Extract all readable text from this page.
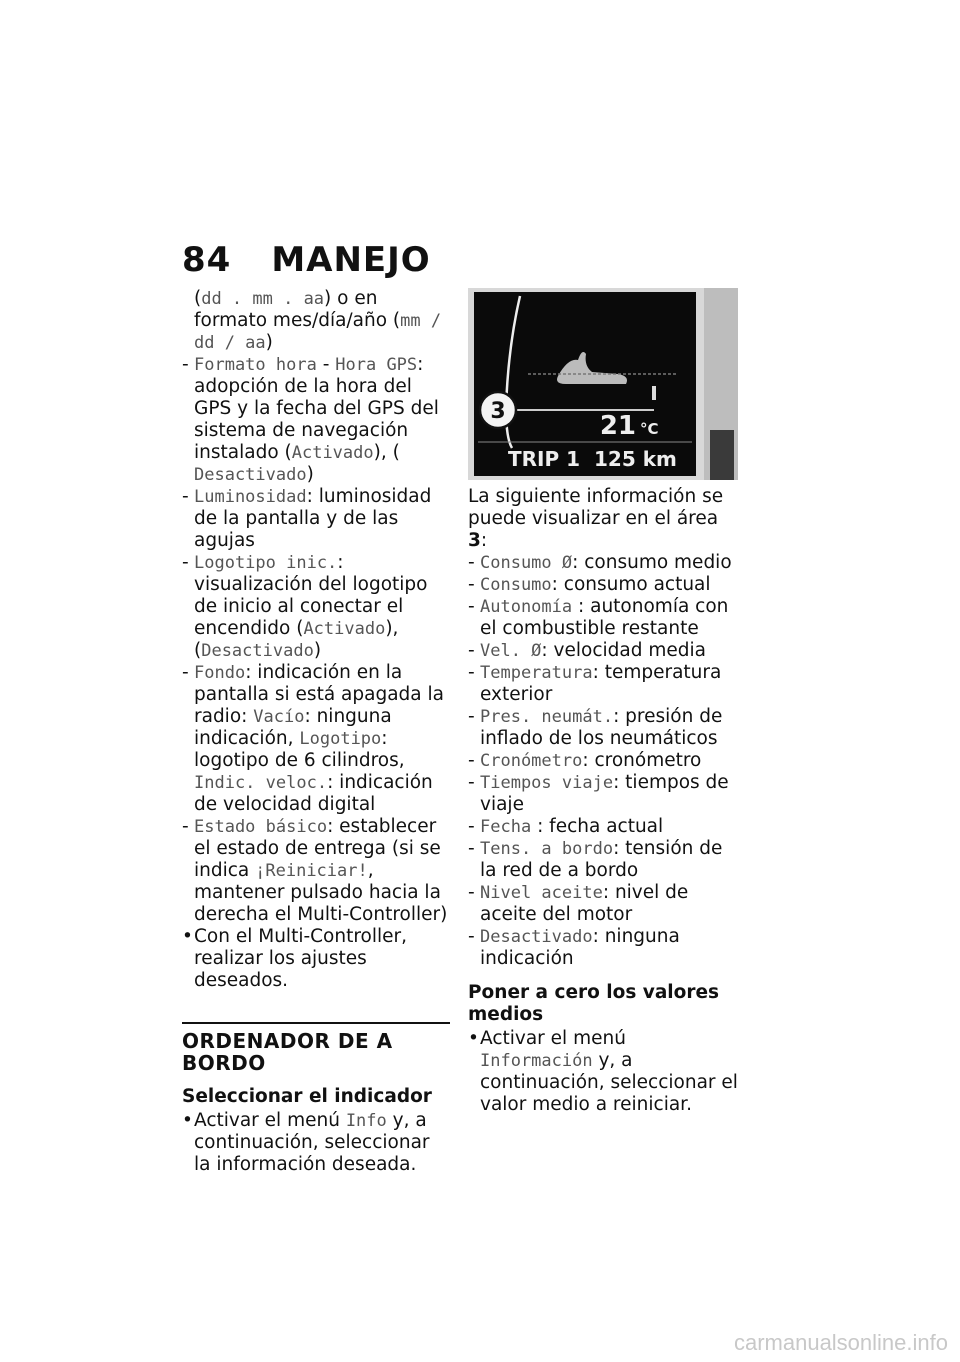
84 MANEJO

(dd . mm . aa) o en formato mes/día/año (mm / dd / aa)

- Formato hora - Hora GPS: adopción de la hora del GPS y la fecha del GPS del sistema de navegación instalado (Activado), ( Desactivado)

- Luminosidad: luminosidad de la pantalla y de las agujas

- Logotipo inic.: visualización del logotipo de inicio al conectar el encendido (Activado), (Desactivado)

- Fondo: indicación en la pantalla si está apagada la radio: Vacío: ninguna indicación, Logotipo: logotipo de 6 cilindros, Indic. veloc.: indicación de velocidad digital

- Estado básico: establecer el estado de entrega (si se indica ¡Reiniciar!, mantener pulsado hacia la derecha el Multi-Controller)

• Con el Multi-Controller, realizar los ajustes deseados.

ORDENADOR DE A BORDO
Seleccionar el indicador

• Activar el menú Info y, a continuación, seleccionar la información deseada.

3	21 °C
TRIP 1 125 km

La siguiente información se puede visualizar en el área 3:

- Consumo Ø: consumo medio

- Consumo: consumo actual

- Autonomía : autonomía con el combustible restante

- Vel. Ø: velocidad media

- Temperatura: temperatura exterior

- Pres. neumát.: presión de inflado de los neumáticos

- Cronómetro: cronómetro

- Tiempos viaje: tiempos de viaje

- Fecha : fecha actual

- Tens. a bordo: tensión de la red de a bordo

- Nivel aceite: nivel de aceite del motor

- Desactivado: ninguna indicación

Poner a cero los valores medios

• Activar el menú Información y, a continuación, seleccionar el valor medio a reiniciar.

carmanualsonline.info
